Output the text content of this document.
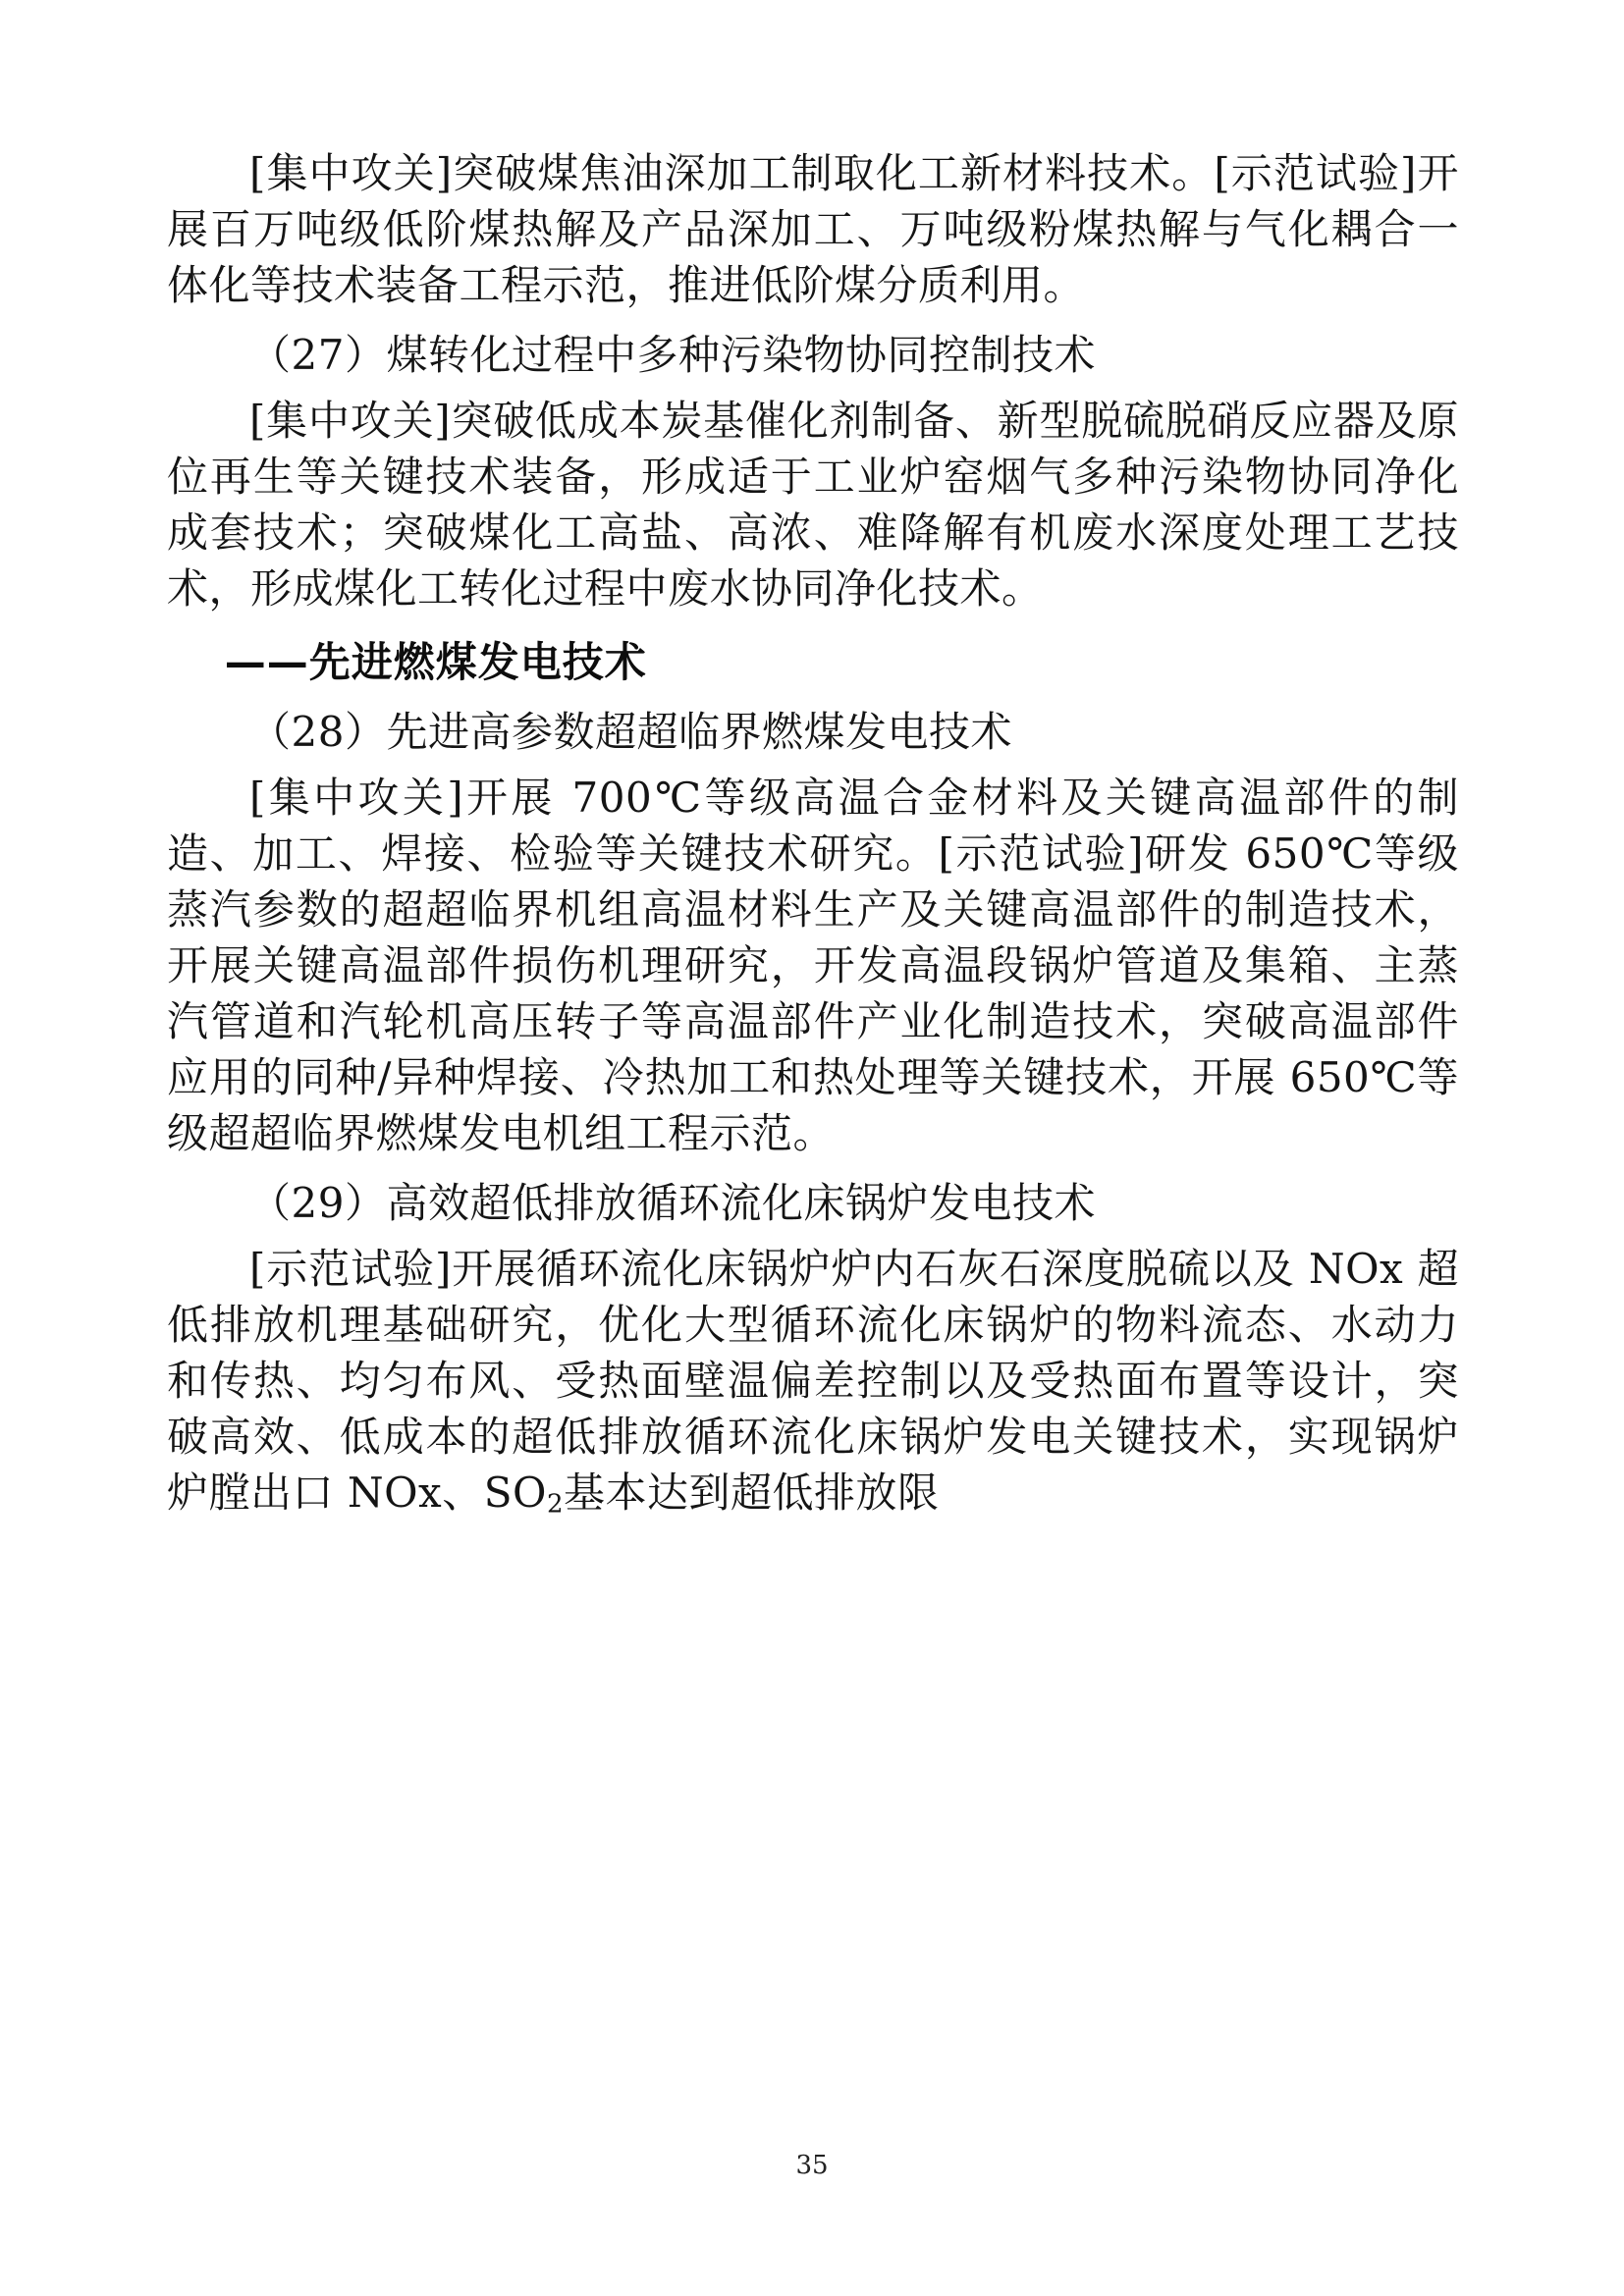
[集中攻关]突破煤焦油深加工制取化工新材料技术。[示范试验]开展百万吨级低阶煤热解及产品深加工、万吨级粉煤热解与气化耦合一体化等技术装备工程示范，推进低阶煤分质利用。

（27）煤转化过程中多种污染物协同控制技术

[集中攻关]突破低成本炭基催化剂制备、新型脱硫脱硝反应器及原位再生等关键技术装备，形成适于工业炉窑烟气多种污染物协同净化成套技术；突破煤化工高盐、高浓、难降解有机废水深度处理工艺技术，形成煤化工转化过程中废水协同净化技术。

——先进燃煤发电技术

（28）先进高参数超超临界燃煤发电技术

[集中攻关]开展 700℃等级高温合金材料及关键高温部件的制造、加工、焊接、检验等关键技术研究。[示范试验]研发 650℃等级蒸汽参数的超超临界机组高温材料生产及关键高温部件的制造技术，开展关键高温部件损伤机理研究，开发高温段锅炉管道及集箱、主蒸汽管道和汽轮机高压转子等高温部件产业化制造技术，突破高温部件应用的同种/异种焊接、冷热加工和热处理等关键技术，开展 650℃等级超超临界燃煤发电机组工程示范。

（29）高效超低排放循环流化床锅炉发电技术

[示范试验]开展循环流化床锅炉炉内石灰石深度脱硫以及 NOx 超低排放机理基础研究，优化大型循环流化床锅炉的物料流态、水动力和传热、均匀布风、受热面壁温偏差控制以及受热面布置等设计，突破高效、低成本的超低排放循环流化床锅炉发电关键技术，实现锅炉炉膛出口 NOx、$SO_2$基本达到超低排放限

35
